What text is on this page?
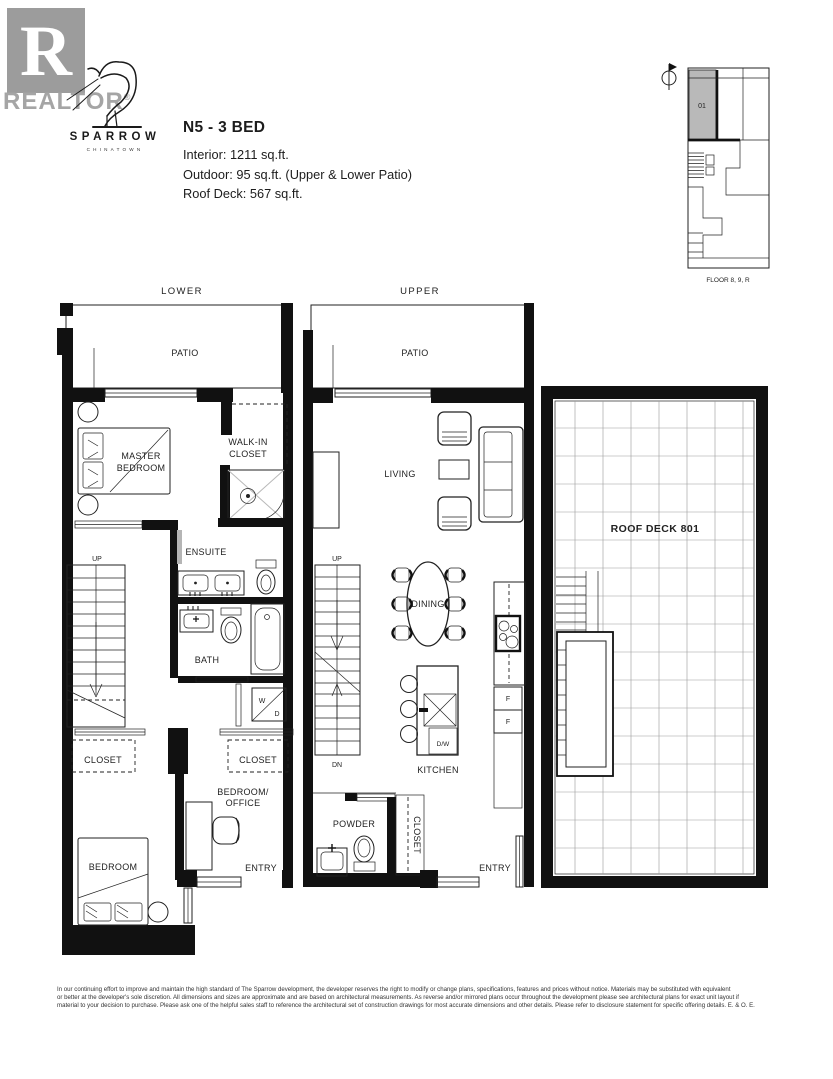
R
REALTOR®
SPARROW
CHINATOWN
N5 - 3 BED
Interior: 1211 sq.ft.
Outdoor: 95 sq.ft. (Upper & Lower Patio)
Roof Deck: 567 sq.ft.
01
FLOOR 8, 9, R
LOWER
PATIO
MASTER
BEDROOM
WALK-IN
CLOSET
UP
ENSUITE
BATH
W
D
CLOSET	CLOSET
BEDROOM/
OFFICE
BEDROOM	ENTRY
UPPER
PATIO
LIVING
UP
DN
DINING
D/W
KITCHEN
F
F
POWDER	CLOSET
ENTRY
ROOF DECK 801
In our continuing effort to improve and maintain the high standard of The Sparrow development, the developer reserves the right to modify or change plans, specifications, features and prices without notice. Materials may be substituted with equivalent
or better at the developer's sole discretion. All dimensions and sizes are approximate and are based on architectural measurements. As reverse and/or mirrored plans occur throughout the development please see architectural plans for exact unit layout if
material to your decision to purchase. Please ask one of the helpful sales staff to reference the architectural set of construction drawings for most accurate dimensions and other details. Please refer to disclosure statement for specific offering details. E. & O. E.
